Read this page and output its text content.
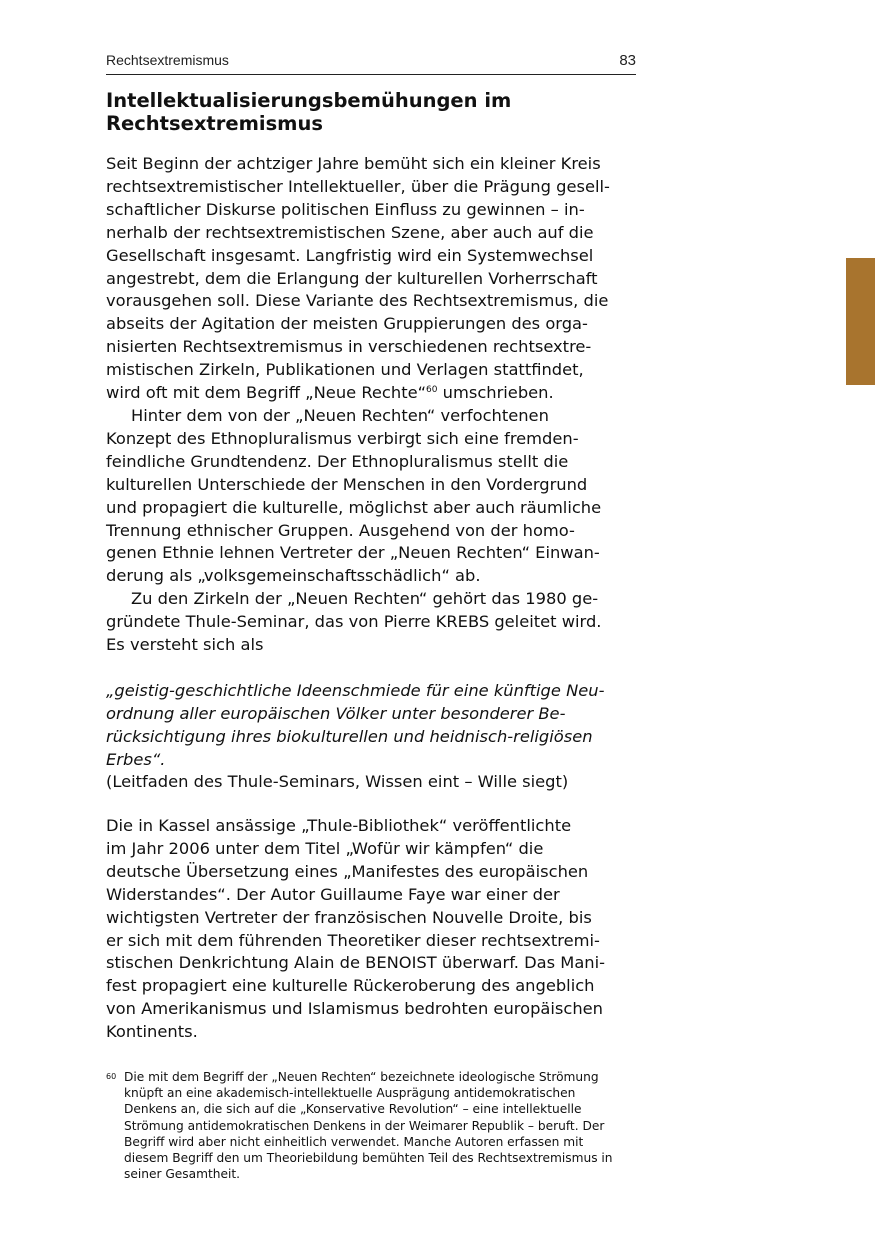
Rechtsextremismus	83
Intellektualisierungsbemühungen im
Rechtsextremismus

Seit Beginn der achtziger Jahre bemüht sich ein kleiner Kreis
rechtsextremistischer Intellektueller, über die Prägung gesell-
schaftlicher Diskurse politischen Einfluss zu gewinnen – in-
nerhalb der rechtsextremistischen Szene, aber auch auf die
Gesellschaft insgesamt. Langfristig wird ein Systemwechsel
angestrebt, dem die Erlangung der kulturellen Vorherrschaft
vorausgehen soll. Diese Variante des Rechtsextremismus, die
abseits der Agitation der meisten Gruppierungen des orga-
nisierten Rechtsextremismus in verschiedenen rechtsextre-
mistischen Zirkeln, Publikationen und Verlagen stattfindet,
wird oft mit dem Begriff „Neue Rechte“$^{60}$ umschrieben.

Hinter dem von der „Neuen Rechten“ verfochtenen
Konzept des Ethnopluralismus verbirgt sich eine fremden-
feindliche Grundtendenz. Der Ethnopluralismus stellt die
kulturellen Unterschiede der Menschen in den Vordergrund
und propagiert die kulturelle, möglichst aber auch räumliche
Trennung ethnischer Gruppen. Ausgehend von der homo-
genen Ethnie lehnen Vertreter der „Neuen Rechten“ Einwan-
derung als „volksgemeinschaftsschädlich“ ab.

Zu den Zirkeln der „Neuen Rechten“ gehört das 1980 ge-
gründete Thule-Seminar, das von Pierre KREBS geleitet wird.
Es versteht sich als

„geistig-geschichtliche Ideenschmiede für eine künftige Neu-
ordnung aller europäischen Völker unter besonderer Be-
rücksichtigung ihres biokulturellen und heidnisch-religiösen
Erbes“.
(Leitfaden des Thule-Seminars, Wissen eint – Wille siegt)
Die in Kassel ansässige „Thule-Bibliothek“ veröffentlichte
im Jahr 2006 unter dem Titel „Wofür wir kämpfen“ die
deutsche Übersetzung eines „Manifestes des europäischen
Widerstandes“. Der Autor Guillaume Faye war einer der
wichtigsten Vertreter der französischen Nouvelle Droite, bis
er sich mit dem führenden Theoretiker dieser rechtsextremi-
stischen Denkrichtung Alain de BENOIST überwarf. Das Mani-
fest propagiert eine kulturelle Rückeroberung des angeblich
von Amerikanismus und Islamismus bedrohten europäischen
Kontinents.
60 Die mit dem Begriff der „Neuen Rechten“ bezeichnete ideologische Strömung
knüpft an eine akademisch-intellektuelle Ausprägung antidemokratischen
Denkens an, die sich auf die „Konservative Revolution“ – eine intellektuelle
Strömung antidemokratischen Denkens in der Weimarer Republik – beruft. Der
Begriff wird aber nicht einheitlich verwendet. Manche Autoren erfassen mit
diesem Begriff den um Theoriebildung bemühten Teil des Rechtsextremismus in
seiner Gesamtheit.
